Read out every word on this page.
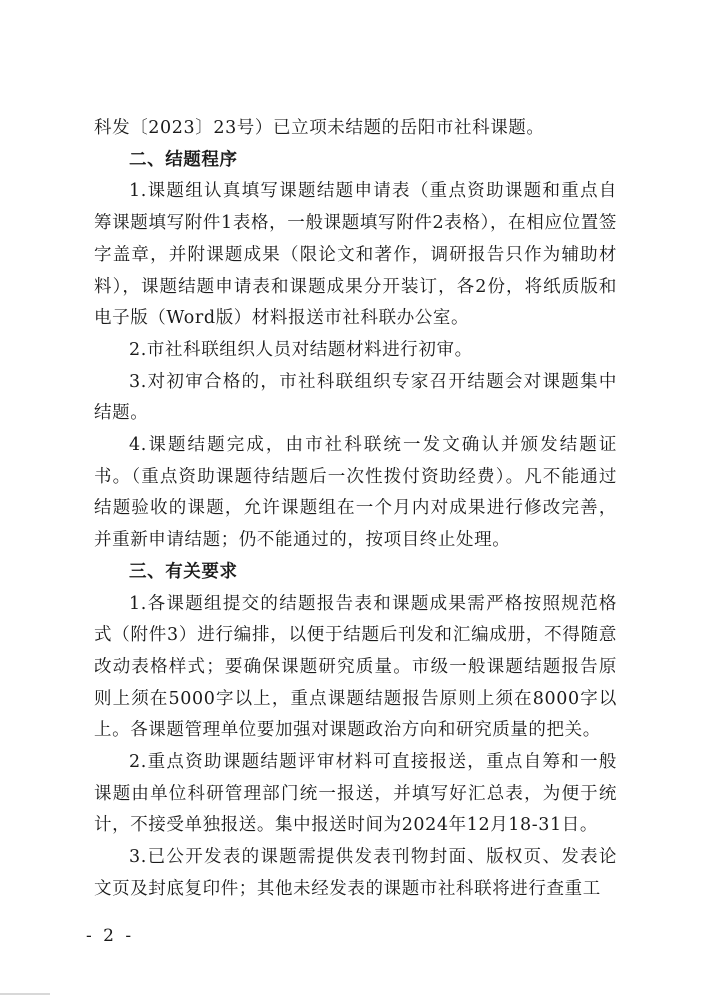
科发〔2023〕23号）已立项未结题的岳阳市社科课题。

二、结题程序

1.课题组认真填写课题结题申请表（重点资助课题和重点自筹课题填写附件1表格，一般课题填写附件2表格），在相应位置签字盖章，并附课题成果（限论文和著作，调研报告只作为辅助材料），课题结题申请表和课题成果分开装订，各2份，将纸质版和电子版（Word版）材料报送市社科联办公室。

2.市社科联组织人员对结题材料进行初审。

3.对初审合格的，市社科联组织专家召开结题会对课题集中结题。

4.课题结题完成，由市社科联统一发文确认并颁发结题证书。（重点资助课题待结题后一次性拨付资助经费）。凡不能通过结题验收的课题，允许课题组在一个月内对成果进行修改完善，并重新申请结题；仍不能通过的，按项目终止处理。

三、有关要求

1.各课题组提交的结题报告表和课题成果需严格按照规范格式（附件3）进行编排，以便于结题后刊发和汇编成册，不得随意改动表格样式；要确保课题研究质量。市级一般课题结题报告原则上须在5000字以上，重点课题结题报告原则上须在8000字以上。各课题管理单位要加强对课题政治方向和研究质量的把关。

2.重点资助课题结题评审材料可直接报送，重点自筹和一般课题由单位科研管理部门统一报送，并填写好汇总表，为便于统计，不接受单独报送。集中报送时间为2024年12月18-31日。

3.已公开发表的课题需提供发表刊物封面、版权页、发表论文页及封底复印件；其他未经发表的课题市社科联将进行查重工

- 2 -
